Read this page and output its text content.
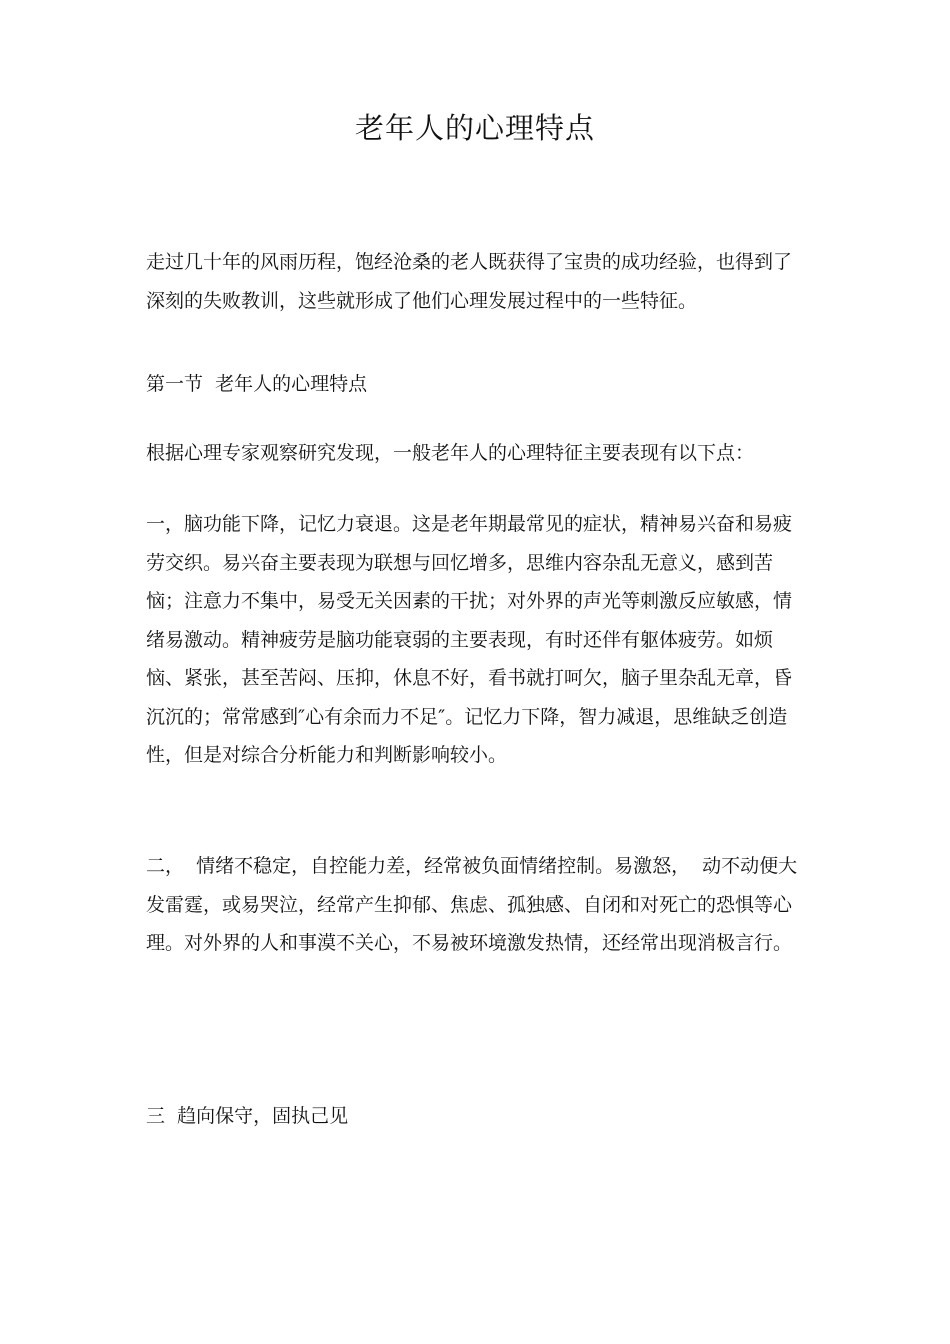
老年人的心理特点

走过几十年的风雨历程，饱经沧桑的老人既获得了宝贵的成功经验，也得到了深刻的失败教训，这些就形成了他们心理发展过程中的一些特征。

第一节  老年人的心理特点

根据心理专家观察研究发现，一般老年人的心理特征主要表现有以下点：

一，脑功能下降，记忆力衰退。这是老年期最常见的症状，精神易兴奋和易疲劳交织。易兴奋主要表现为联想与回忆增多，思维内容杂乱无意义，感到苦恼；注意力不集中，易受无关因素的干扰；对外界的声光等刺激反应敏感，情绪易激动。精神疲劳是脑功能衰弱的主要表现，有时还伴有躯体疲劳。如烦恼、紧张，甚至苦闷、压抑，休息不好，看书就打呵欠，脑子里杂乱无章，昏沉沉的；常常感到″心有余而力不足″。记忆力下降，智力减退，思维缺乏创造性，但是对综合分析能力和判断影响较小。

二，  情绪不稳定，自控能力差，经常被负面情绪控制。易激怒，  动不动便大发雷霆，或易哭泣，经常产生抑郁、焦虑、孤独感、自闭和对死亡的恐惧等心理。对外界的人和事漠不关心，不易被环境激发热情，还经常出现消极言行。

三  趋向保守，固执己见
